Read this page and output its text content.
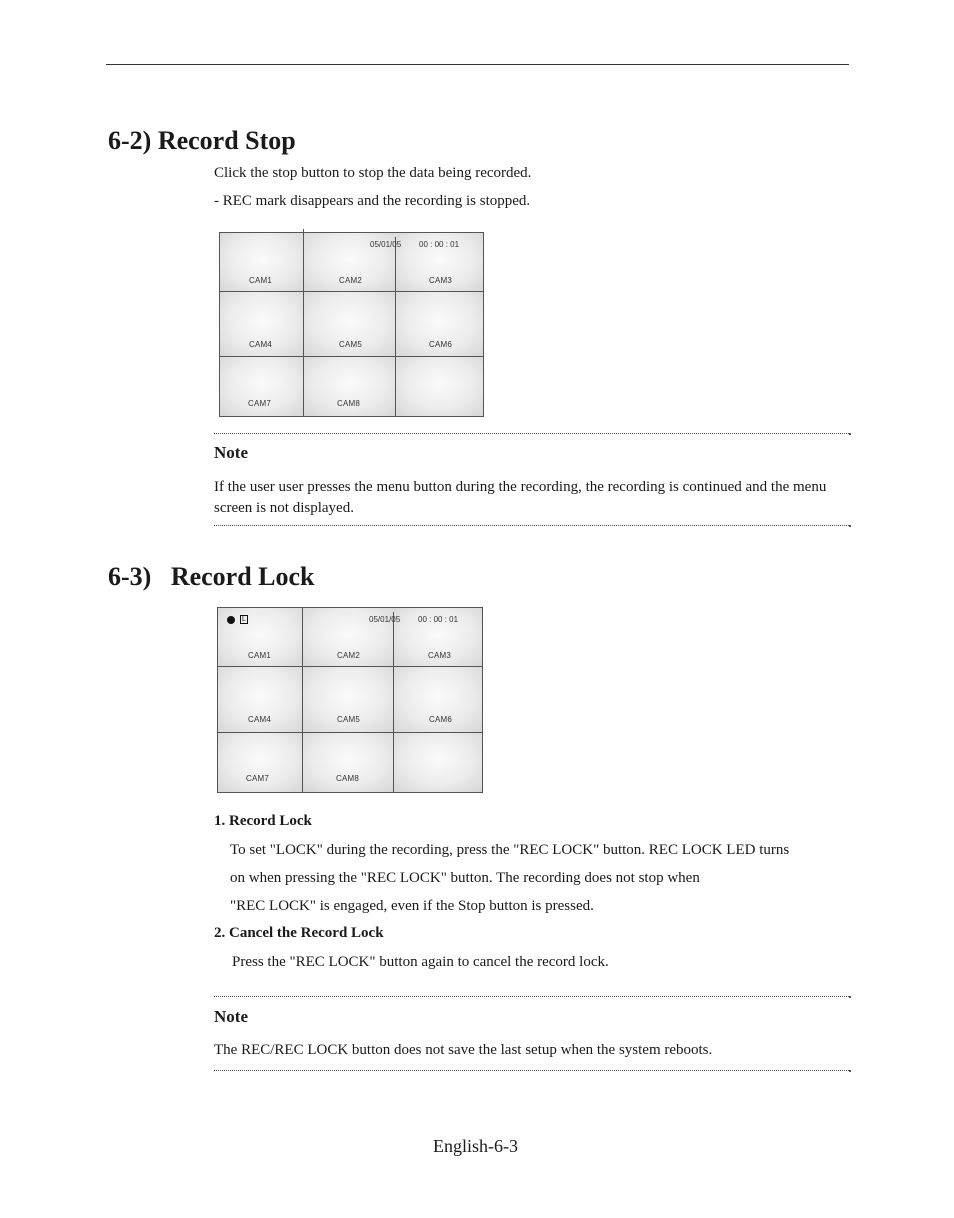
6-2) Record Stop

Click the stop button to stop the data being recorded.

- REC mark disappears and the recording is stopped.

05/01/05 00 : 00 : 01
CAM1	CAM2	CAM3
CAM4	CAM5	CAM6
CAM7	CAM8

Note

If the user user presses the menu button during the recording, the recording is continued and the menu screen is not displayed.

6-3)   Record Lock
L	05/01/05 00 : 00 : 01
CAM1	CAM2	CAM3
CAM4	CAM5	CAM6
CAM7	CAM8

1. Record Lock

To set "LOCK" during the recording, press the "REC LOCK" button. REC LOCK LED turns

on when pressing the "REC LOCK" button. The recording does not stop when

"REC LOCK" is engaged, even if the Stop button is pressed.

2. Cancel the Record Lock

Press the "REC LOCK" button again to cancel the record lock.

Note

The REC/REC LOCK button does not save the last setup when the system reboots.

English-6-3
